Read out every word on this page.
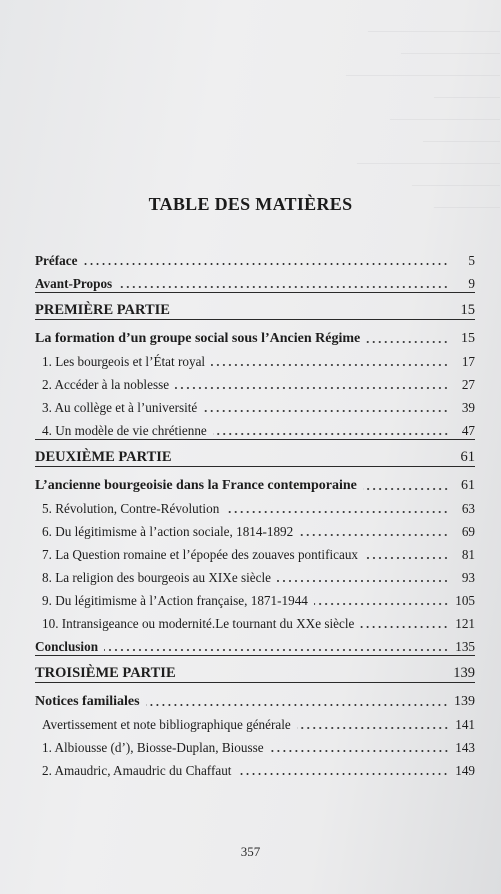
————————————
—————————
——————————————
——————
——————————
———————
—————————————
————————
——————
TABLE DES MATIÈRES
Préface	5
Avant-Propos	9
PREMIÈRE PARTIE	15
La formation d’un groupe social sous l’Ancien Régime	15
1. Les bourgeois et l’État royal	17
2. Accéder à la noblesse	27
3. Au collège et à l’université	39
4. Un modèle de vie chrétienne	47
DEUXIÈME PARTIE	61
L’ancienne bourgeoisie dans la France contemporaine	61
5. Révolution, Contre-Révolution	63
6. Du légitimisme à l’action sociale, 1814-1892	69
7. La Question romaine et l’épopée des zouaves pontificaux	81
8. La religion des bourgeois au XIXe siècle	93
9. Du légitimisme à l’Action française, 1871-1944	105
10. Intransigeance ou modernité.Le tournant du XXe siècle	121
Conclusion	135
TROISIÈME PARTIE	139
Notices familiales	139
Avertissement et note bibliographique générale	141
1. Albiousse (d’), Biosse-Duplan, Biousse	143
2. Amaudric, Amaudric du Chaffaut	149
357
